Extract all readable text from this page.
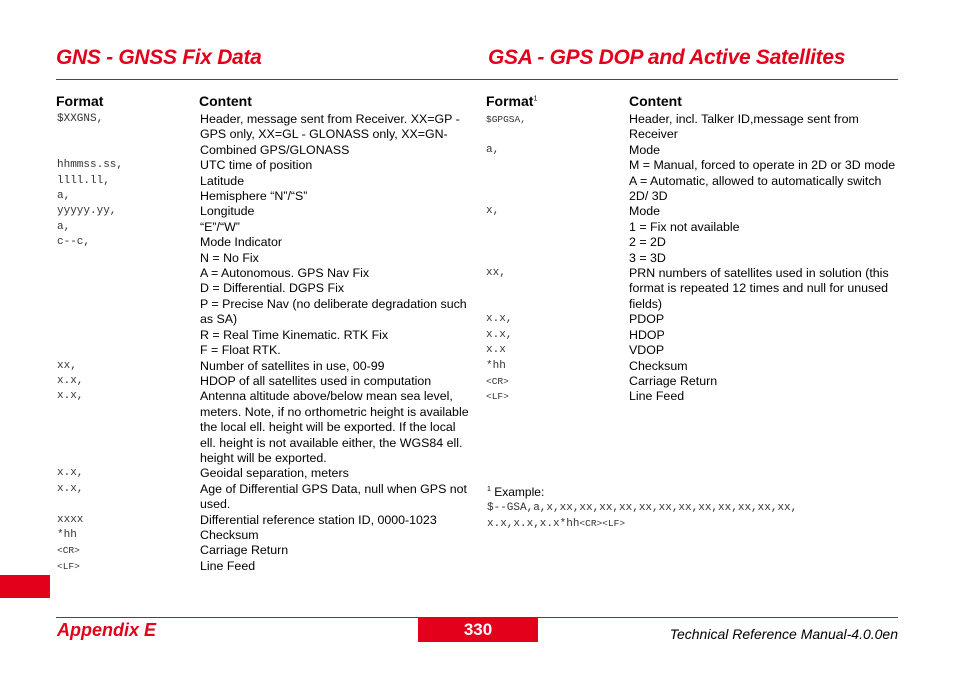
GNS - GNSS Fix Data	GSA - GPS DOP and Active Satellites
Format	Content	Format$^1$	Content
$XXGNS,	Header, message sent from Receiver. XX=GP - GPS only, XX=GL - GLONASS only, XX=GN- Combined GPS/GLONASS
hhmmss.ss,	UTC time of position
llll.ll,	Latitude
a,	Hemisphere “N”/“S”
yyyyy.yy,	Longitude
a,	“E”/“W”
c--c,	Mode Indicator
N = No Fix
A = Autonomous. GPS Nav Fix
D = Differential. DGPS Fix
P = Precise Nav (no deliberate degradation such as SA)
R = Real Time Kinematic. RTK Fix
F = Float RTK.
xx,	Number of satellites in use, 00-99
x.x,	HDOP of all satellites used in computation
x.x,	Antenna altitude above/below mean sea level, meters. Note, if no orthometric height is available the local ell. height will be exported. If the local ell. height is not available either, the WGS84 ell. height will be exported.
x.x,	Geoidal separation, meters
x.x,	Age of Differential GPS Data, null when GPS not used.
xxxx	Differential reference station ID, 0000-1023
*hh	Checksum
<CR>	Carriage Return
<LF>	Line Feed
$GPGSA,	Header, incl. Talker ID,message sent from Receiver
a,	Mode
M = Manual, forced to operate in 2D or 3D mode
A = Automatic, allowed to automatically switch 2D/ 3D
x,	Mode
1 = Fix not available
2 = 2D
3 = 3D
xx,	PRN numbers of satellites used in solution (this format is repeated 12 times and null for unused fields)
x.x,	PDOP
x.x,	HDOP
x.x	VDOP
*hh	Checksum
<CR>	Carriage Return
<LF>	Line Feed
$^1$ Example:
$--GSA,a,x,xx,xx,xx,xx,xx,xx,xx,xx,xx,xx,xx,xx,
x.x,x.x,x.x*hh<CR><LF>
Appendix E	330	Technical Reference Manual-4.0.0en
